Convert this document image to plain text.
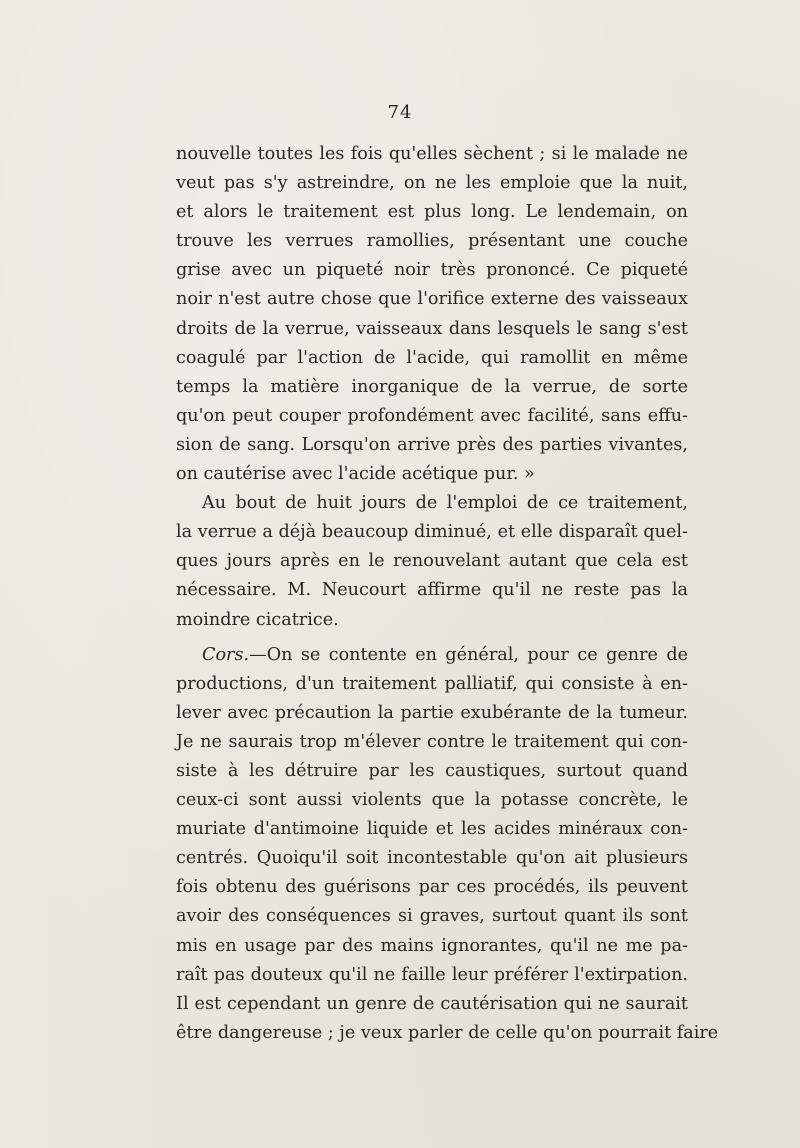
74
nouvelle toutes les fois qu'elles sèchent ; si le malade ne
veut pas s'y astreindre, on ne les emploie que la nuit,
et alors le traitement est plus long. Le lendemain, on
trouve les verrues ramollies, présentant une couche
grise avec un piqueté noir très prononcé. Ce piqueté
noir n'est autre chose que l'orifice externe des vaisseaux
droits de la verrue, vaisseaux dans lesquels le sang s'est
coagulé par l'action de l'acide, qui ramollit en même
temps la matière inorganique de la verrue, de sorte
qu'on peut couper profondément avec facilité, sans effu-
sion de sang. Lorsqu'on arrive près des parties vivantes,
on cautérise avec l'acide acétique pur. »
Au bout de huit jours de l'emploi de ce traitement,
la verrue a déjà beaucoup diminué, et elle disparaît quel-
ques jours après en le renouvelant autant que cela est
nécessaire. M. Neucourt affirme qu'il ne reste pas la
moindre cicatrice.
Cors.—On se contente en général, pour ce genre de
productions, d'un traitement palliatif, qui consiste à en-
lever avec précaution la partie exubérante de la tumeur.
Je ne saurais trop m'élever contre le traitement qui con-
siste à les détruire par les caustiques, surtout quand
ceux-ci sont aussi violents que la potasse concrète, le
muriate d'antimoine liquide et les acides minéraux con-
centrés. Quoiqu'il soit incontestable qu'on ait plusieurs
fois obtenu des guérisons par ces procédés, ils peuvent
avoir des conséquences si graves, surtout quant ils sont
mis en usage par des mains ignorantes, qu'il ne me pa-
raît pas douteux qu'il ne faille leur préférer l'extirpation.
Il est cependant un genre de cautérisation qui ne saurait
être dangereuse ; je veux parler de celle qu'on pourrait faire
